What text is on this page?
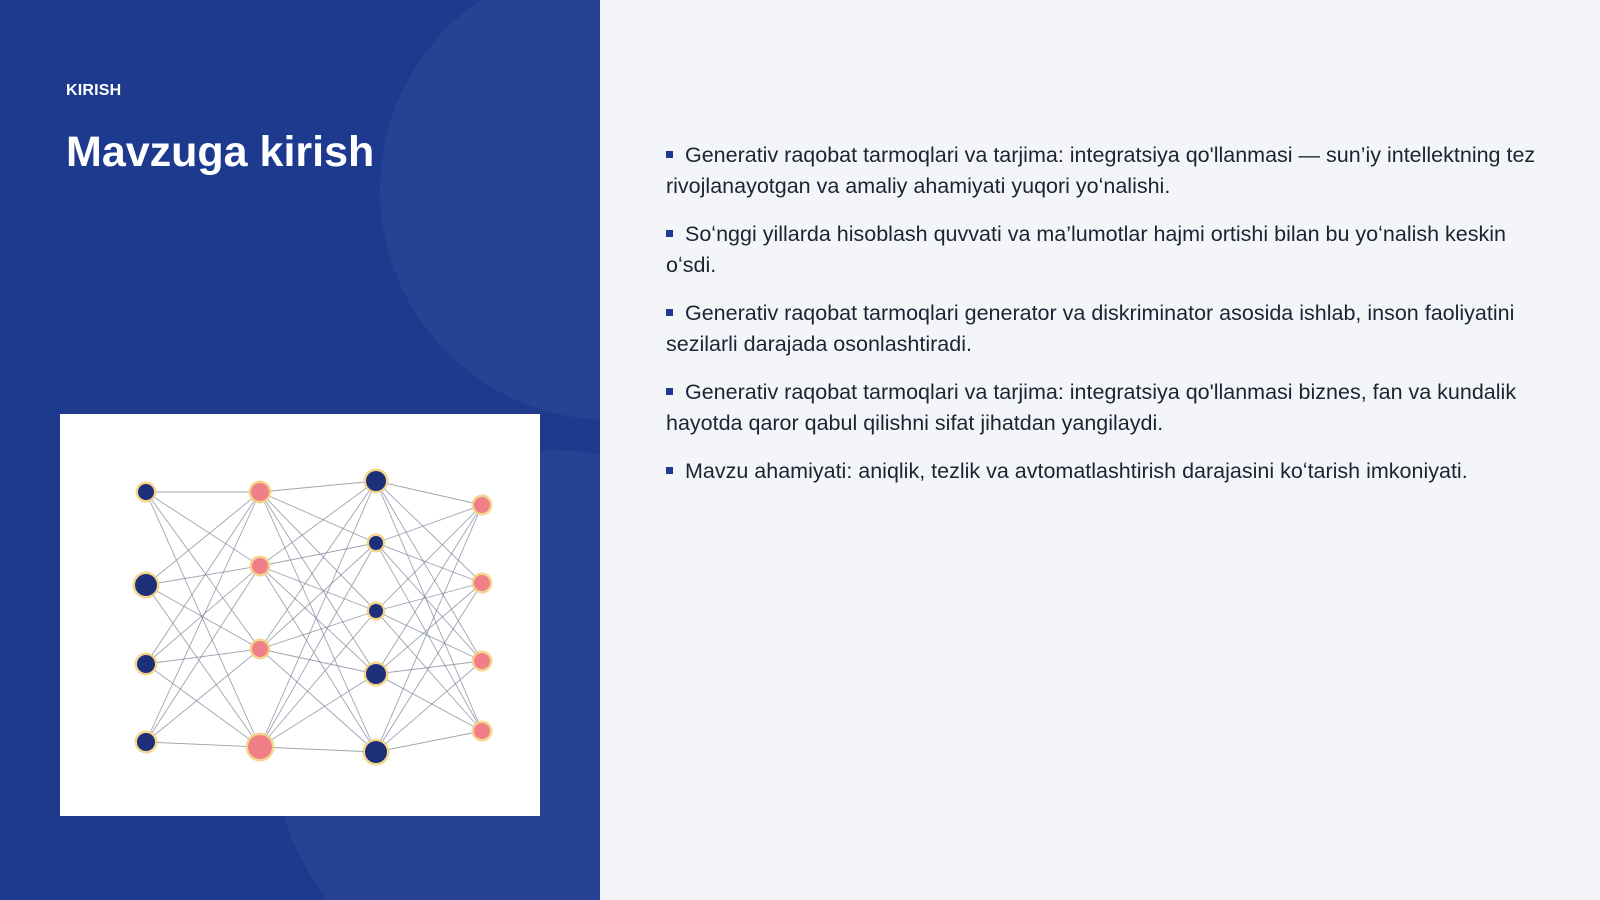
KIRISH
Mavzuga kirish	Generativ raqobat tarmoqlari va tarjima: integratsiya qo'llanmasi — sun’iy intellektning tez rivojlanayotgan va amaliy ahamiyati yuqori yoʻnalishi.
Soʻnggi yillarda hisoblash quvvati va ma’lumotlar hajmi ortishi bilan bu yoʻnalish keskin oʻsdi.
Generativ raqobat tarmoqlari generator va diskriminator asosida ishlab, inson faoliyatini sezilarli darajada osonlashtiradi.
Generativ raqobat tarmoqlari va tarjima: integratsiya qo'llanmasi biznes, fan va kundalik hayotda qaror qabul qilishni sifat jihatdan yangilaydi.
Mavzu ahamiyati: aniqlik, tezlik va avtomatlashtirish darajasini koʻtarish imkoniyati.
